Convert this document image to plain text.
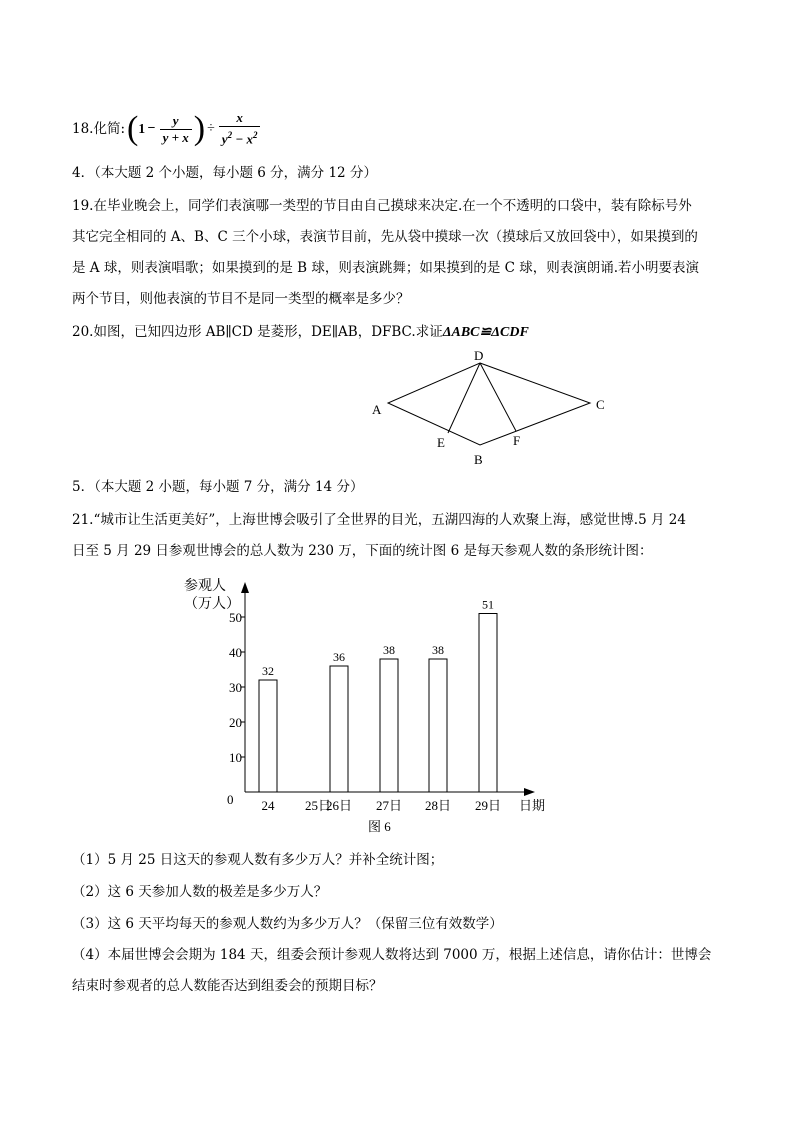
18.化简: ( $1 - \frac{y}{y + x}$ ) ÷ $\frac{x}{y^2 - x^2}$
4．（本大题 2 个小题，每小题 6 分，满分 12 分）
19.在毕业晚会上，同学们表演哪一类型的节目由自己摸球来决定.在一个不透明的口袋中，装有除标号外
其它完全相同的 A、B、C 三个小球，表演节目前，先从袋中摸球一次（摸球后又放回袋中），如果摸到的
是 A 球，则表演唱歌；如果摸到的是 B 球，则表演跳舞；如果摸到的是 C 球，则表演朗诵.若小明要表演
两个节目，则他表演的节目不是同一类型的概率是多少？
20.如图，已知四边形 AB∥CD 是菱形，DE∥AB，DFBC.求证ΔABC≌ΔCDF
D
A	C
E
B
F
5．（本大题 2 小题，每小题 7 分，满分 14 分）
21.“城市让生活更美好”，上海世博会吸引了全世界的目光，五湖四海的人欢聚上海，感觉世博.5 月 24
日至 5 月 29 日参观世博会的总人数为 230 万，下面的统计图 6 是每天参观人数的条形统计图：
参观人
（万人）
0
10
20
30
40
50
24
32
25日
26日
36
27日
38
28日
38
29日
51
日期
图 6
（1）5 月 25 日这天的参观人数有多少万人？并补全统计图；
（2）这 6 天参加人数的极差是多少万人？
（3）这 6 天平均每天的参观人数约为多少万人？（保留三位有效数学）
（4）本届世博会会期为 184 天，组委会预计参观人数将达到 7000 万，根据上述信息，请你估计：世博会
结束时参观者的总人数能否达到组委会的预期目标？
